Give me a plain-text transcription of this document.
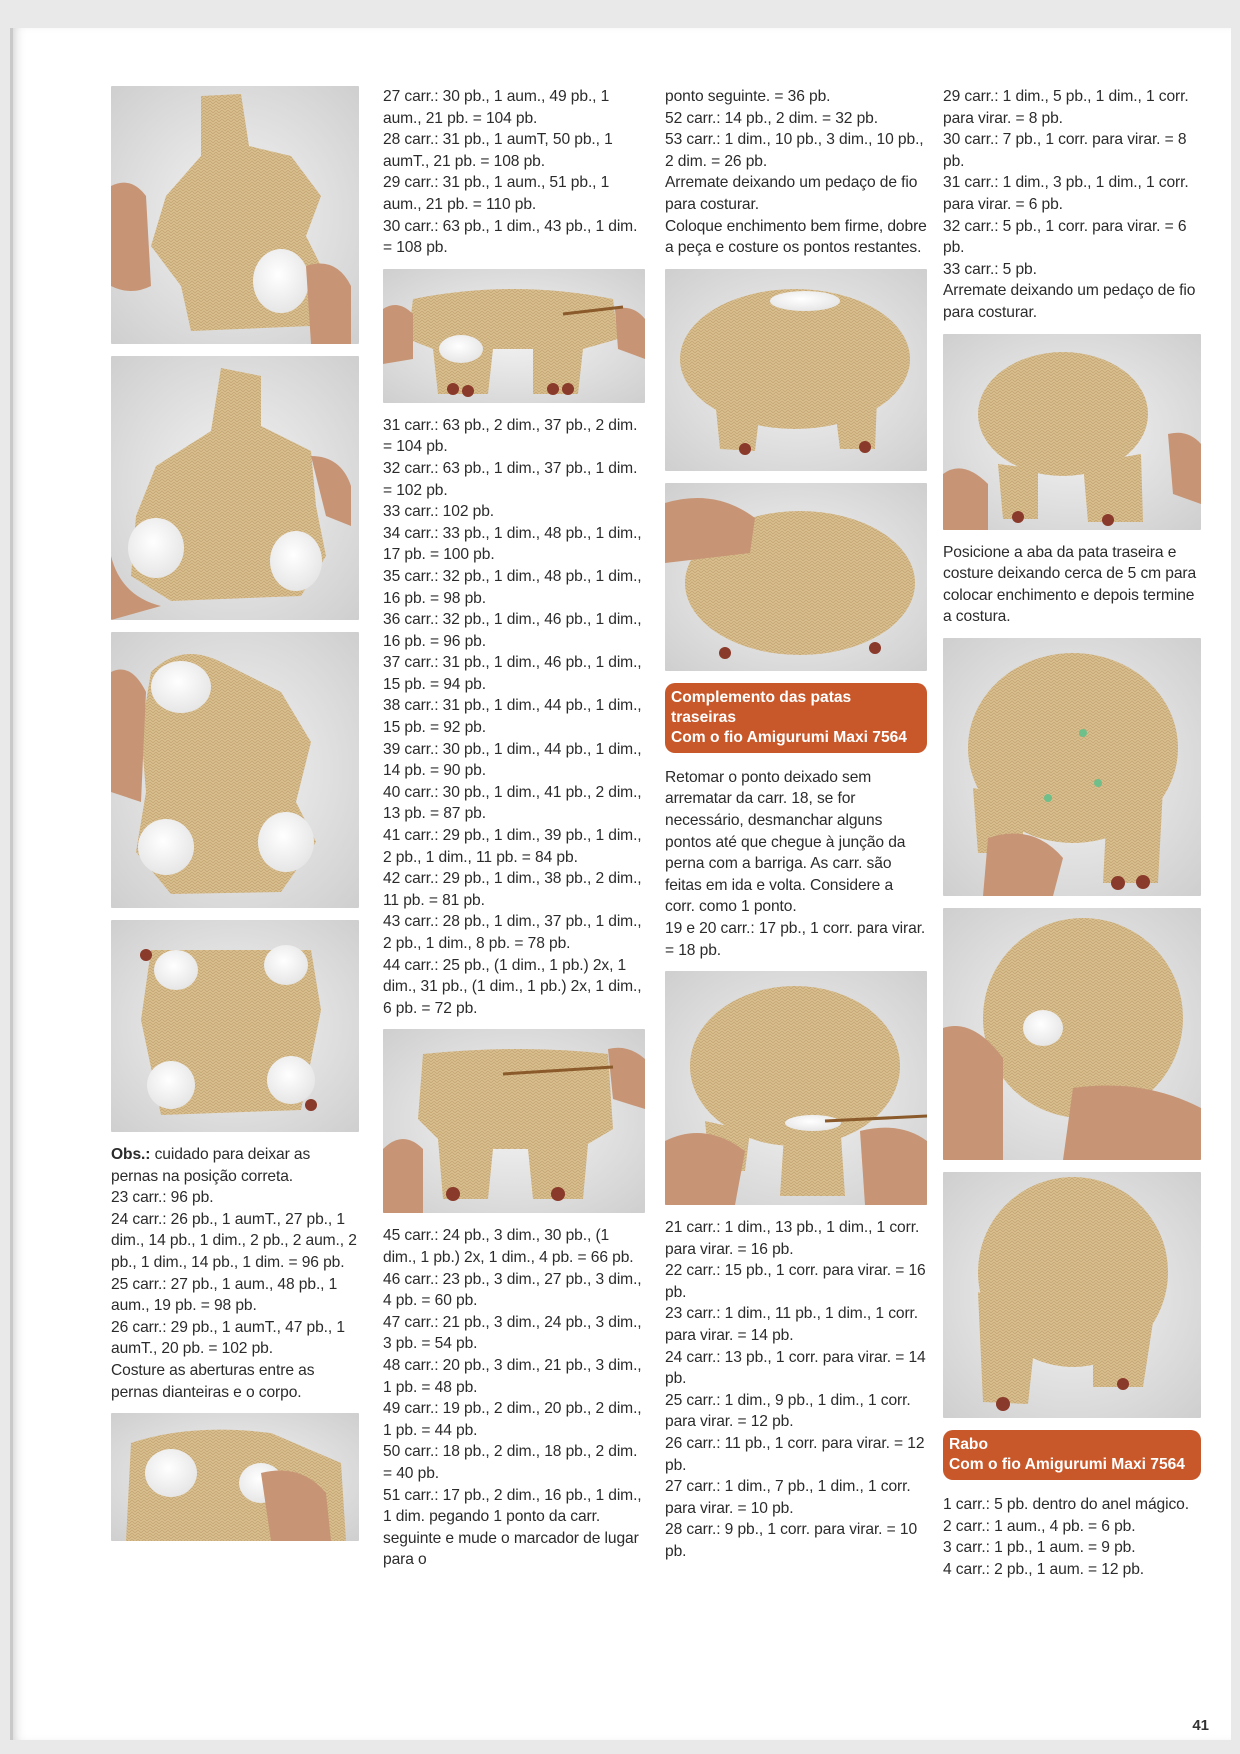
Obs.: cuidado para deixar as pernas na posição correta.
23 carr.: 96 pb.
24 carr.: 26 pb., 1 aumT., 27 pb., 1 dim., 14 pb., 1 dim., 2 pb., 2 aum., 2 pb., 1 dim., 14 pb., 1 dim. = 96 pb.
25 carr.: 27 pb., 1 aum., 48 pb., 1 aum., 19 pb. = 98 pb.
26 carr.: 29 pb., 1 aumT., 47 pb., 1 aumT., 20 pb. = 102 pb.
Costure as aberturas entre as pernas dianteiras e o corpo.
27 carr.: 30 pb., 1 aum., 49 pb., 1 aum., 21 pb. = 104 pb.
28 carr.: 31 pb., 1 aumT, 50 pb., 1 aumT., 21 pb. = 108 pb.
29 carr.: 31 pb., 1 aum., 51 pb., 1 aum., 21 pb. = 110 pb.
30 carr.: 63 pb., 1 dim., 43 pb., 1 dim. = 108 pb.
31 carr.: 63 pb., 2 dim., 37 pb., 2 dim. = 104 pb.
32 carr.: 63 pb., 1 dim., 37 pb., 1 dim. = 102 pb.
33 carr.: 102 pb.
34 carr.: 33 pb., 1 dim., 48 pb., 1 dim., 17 pb. = 100 pb.
35 carr.: 32 pb., 1 dim., 48 pb., 1 dim., 16 pb. = 98 pb.
36 carr.: 32 pb., 1 dim., 46 pb., 1 dim., 16 pb. = 96 pb.
37 carr.: 31 pb., 1 dim., 46 pb., 1 dim., 15 pb. = 94 pb.
38 carr.: 31 pb., 1 dim., 44 pb., 1 dim., 15 pb. = 92 pb.
39 carr.: 30 pb., 1 dim., 44 pb., 1 dim., 14 pb. = 90 pb.
40 carr.: 30 pb., 1 dim., 41 pb., 2 dim., 13 pb. = 87 pb.
41 carr.: 29 pb., 1 dim., 39 pb., 1 dim., 2 pb., 1 dim., 11 pb. = 84 pb.
42 carr.: 29 pb., 1 dim., 38 pb., 2 dim., 11 pb. = 81 pb.
43 carr.: 28 pb., 1 dim., 37 pb., 1 dim., 2 pb., 1 dim., 8 pb. = 78 pb.
44 carr.: 25 pb., (1 dim., 1 pb.) 2x, 1 dim., 31 pb., (1 dim., 1 pb.) 2x, 1 dim., 6 pb. = 72 pb.
45 carr.: 24 pb., 3 dim., 30 pb., (1 dim., 1 pb.) 2x, 1 dim., 4 pb. = 66 pb.
46 carr.: 23 pb., 3 dim., 27 pb., 3 dim., 4 pb. = 60 pb.
47 carr.: 21 pb., 3 dim., 24 pb., 3 dim., 3 pb. = 54 pb.
48 carr.: 20 pb., 3 dim., 21 pb., 3 dim., 1 pb. = 48 pb.
49 carr.: 19 pb., 2 dim., 20 pb., 2 dim., 1 pb. = 44 pb.
50 carr.: 18 pb., 2 dim., 18 pb., 2 dim. = 40 pb.
51 carr.: 17 pb., 2 dim., 16 pb., 1 dim., 1 dim. pegando 1 ponto da carr. seguinte e mude o marcador de lugar para o
ponto seguinte. = 36 pb.
52 carr.: 14 pb., 2 dim. = 32 pb.
53 carr.: 1 dim., 10 pb., 3 dim., 10 pb., 2 dim. = 26 pb.
Arremate deixando um pedaço de fio para costurar.
Coloque enchimento bem firme, dobre a peça e costure os pontos restantes.
Complemento das patas traseiras
Com o fio Amigurumi Maxi 7564
Retomar o ponto deixado sem arrematar da carr. 18, se for necessário, desmanchar alguns pontos até que chegue à junção da perna com a barriga. As carr. são feitas em ida e volta. Considere a corr. como 1 ponto.
19 e 20 carr.: 17 pb., 1 corr. para virar. = 18 pb.
21 carr.: 1 dim., 13 pb., 1 dim., 1 corr. para virar. = 16 pb.
22 carr.: 15 pb., 1 corr. para virar. = 16 pb.
23 carr.: 1 dim., 11 pb., 1 dim., 1 corr. para virar. = 14 pb.
24 carr.: 13 pb., 1 corr. para virar. = 14 pb.
25 carr.: 1 dim., 9 pb., 1 dim., 1 corr. para virar. = 12 pb.
26 carr.: 11 pb., 1 corr. para virar. = 12 pb.
27 carr.: 1 dim., 7 pb., 1 dim., 1 corr. para virar. = 10 pb.
28 carr.: 9 pb., 1 corr. para virar. = 10 pb.
29 carr.: 1 dim., 5 pb., 1 dim., 1 corr. para virar. = 8 pb.
30 carr.: 7 pb., 1 corr. para virar. = 8 pb.
31 carr.: 1 dim., 3 pb., 1 dim., 1 corr. para virar. = 6 pb.
32 carr.: 5 pb., 1 corr. para virar. = 6 pb.
33 carr.: 5 pb.
Arremate deixando um pedaço de fio para costurar.
Posicione a aba da pata traseira e costure deixando cerca de 5 cm para colocar enchimento e depois termine a costura.
Rabo
Com o fio Amigurumi Maxi 7564
1 carr.: 5 pb. dentro do anel mágico.
2 carr.: 1 aum., 4 pb. = 6 pb.
3 carr.: 1 pb., 1 aum. = 9 pb.
4 carr.: 2 pb., 1 aum. = 12 pb.
41
